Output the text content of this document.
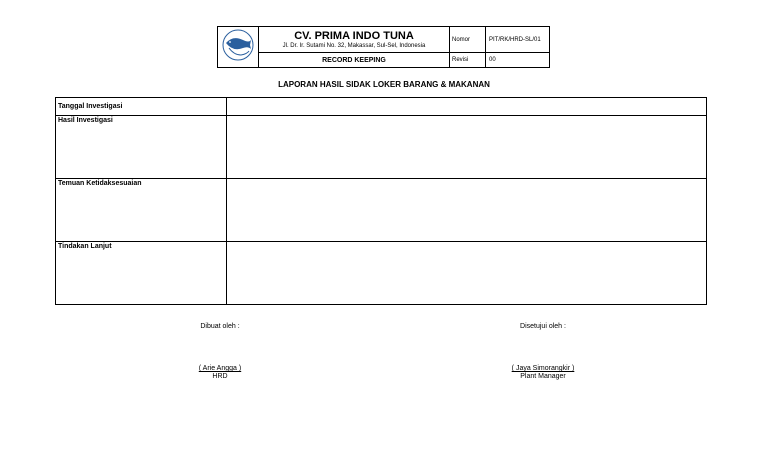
CV. PRIMA INDO TUNA
Jl. Dr. Ir. Sutami No. 32, Makassar, Sul-Sel, Indonesia	Nomor	PIT/RK/HRD-SL/01
	RECORD KEEPING	Revisi	00
LAPORAN HASIL SIDAK LOKER BARANG & MAKANAN
Tanggal Investigasi	
Hasil Investigasi	
Temuan Ketidaksesuaian	
Tindakan Lanjut	
Dibuat oleh :
( Arie Angga )
HRD
Disetujui oleh :
( Jaya Simorangkir )
Plant Manager
